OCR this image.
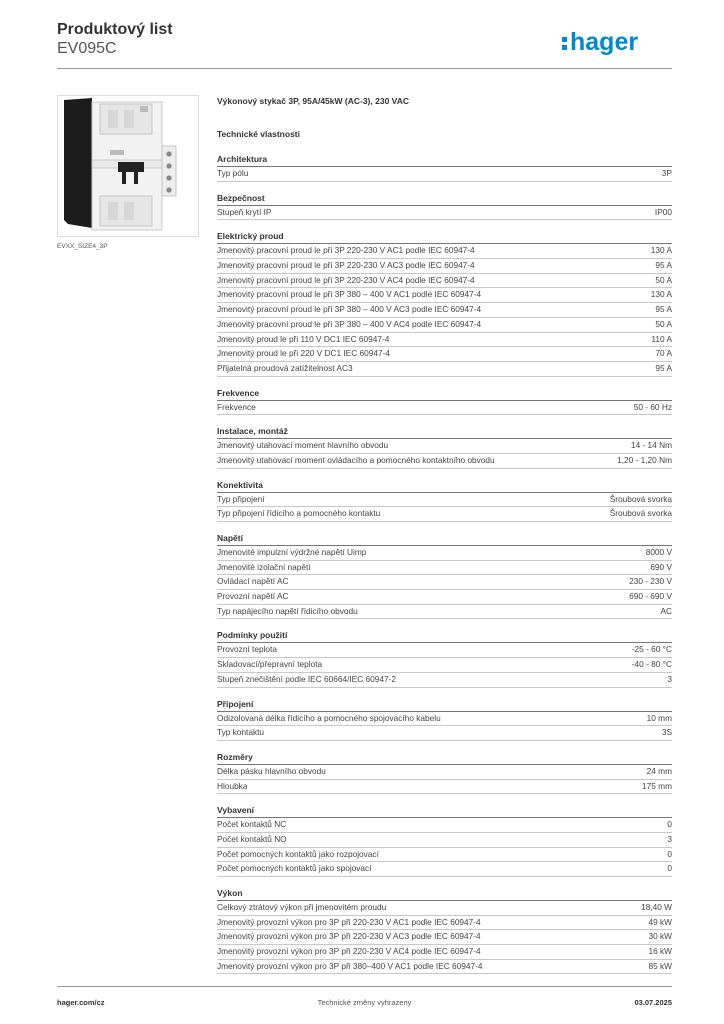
Produktový list

EV095C	hager
EVXX_SIZE4_3P

Výkonový stykač 3P, 95A/45kW (AC-3), 230 VAC

Technické vlastnosti

Architektura
Typ pólu	3P
Bezpečnost
Stupeň krytí IP	IP00
Elektrický proud
Jmenovitý pracovní proud le při 3P 220-230 V AC1 podle IEC 60947-4	130 A
Jmenovitý pracovní proud le při 3P 220-230 V AC3 podle IEC 60947-4	95 A
Jmenovitý pracovní proud le při 3P 220-230 V AC4 podle IEC 60947-4	50 A
Jmenovitý pracovní proud le při 3P 380 – 400 V AC1 podle IEC 60947-4	130 A
Jmenovitý pracovní proud le při 3P 380 – 400 V AC3 podle IEC 60947-4	95 A
Jmenovitý pracovní proud le při 3P 380 – 400 V AC4 podle IEC 60947-4	50 A
Jmenovitý proud le při 110 V DC1 IEC 60947-4	110 A
Jmenovitý proud le při 220 V DC1 IEC 60947-4	70 A
Přijatelná proudová zatížitelnost AC3	95 A
Frekvence
Frekvence	50 - 60 Hz
Instalace, montáž
Jmenovitý utahovací moment hlavního obvodu	14 - 14 Nm
Jmenovitý utahovací moment ovládacího a pomocného kontaktního obvodu	1,20 - 1,20 Nm
Konektivita
Typ připojení	Šroubová svorka
Typ připojení řídicího a pomocného kontaktu	Šroubová svorka
Napětí
Jmenovité impulzní výdržné napětí Uimp	8000 V
Jmenovité izolační napětí	690 V
Ovládací napětí AC	230 - 230 V
Provozní napětí AC	690 - 690 V
Typ napájecího napětí řídicího obvodu	AC
Podmínky použití
Provozní teplota	-25 - 60 °C
Skladovací/přepravní teplota	-40 - 80 °C
Stupeň znečištění podle IEC 60664/IEC 60947-2	3
Připojení
Odizolovaná délka řídicího a pomocného spojovacího kabelu	10 mm
Typ kontaktu	3S
Rozměry
Délka pásku hlavního obvodu	24 mm
Hloubka	175 mm
Vybavení
Počet kontaktů NC	0
Počet kontaktů NO	3
Počet pomocných kontaktů jako rozpojovací	0
Počet pomocných kontaktů jako spojovací	0
Výkon
Celkový ztrátový výkon při jmenovitém proudu	18,40 W
Jmenovitý provozní výkon pro 3P při 220-230 V AC1 podle IEC 60947-4	49 kW
Jmenovitý provozní výkon pro 3P při 220-230 V AC3 podle IEC 60947-4	30 kW
Jmenovitý provozní výkon pro 3P při 220-230 V AC4 podle IEC 60947-4	16 kW
Jmenovitý provozní výkon pro 3P při 380–400 V AC1 podle IEC 60947-4	85 kW
hager.com/cz	Technické změny vyhrazeny	03.07.2025
